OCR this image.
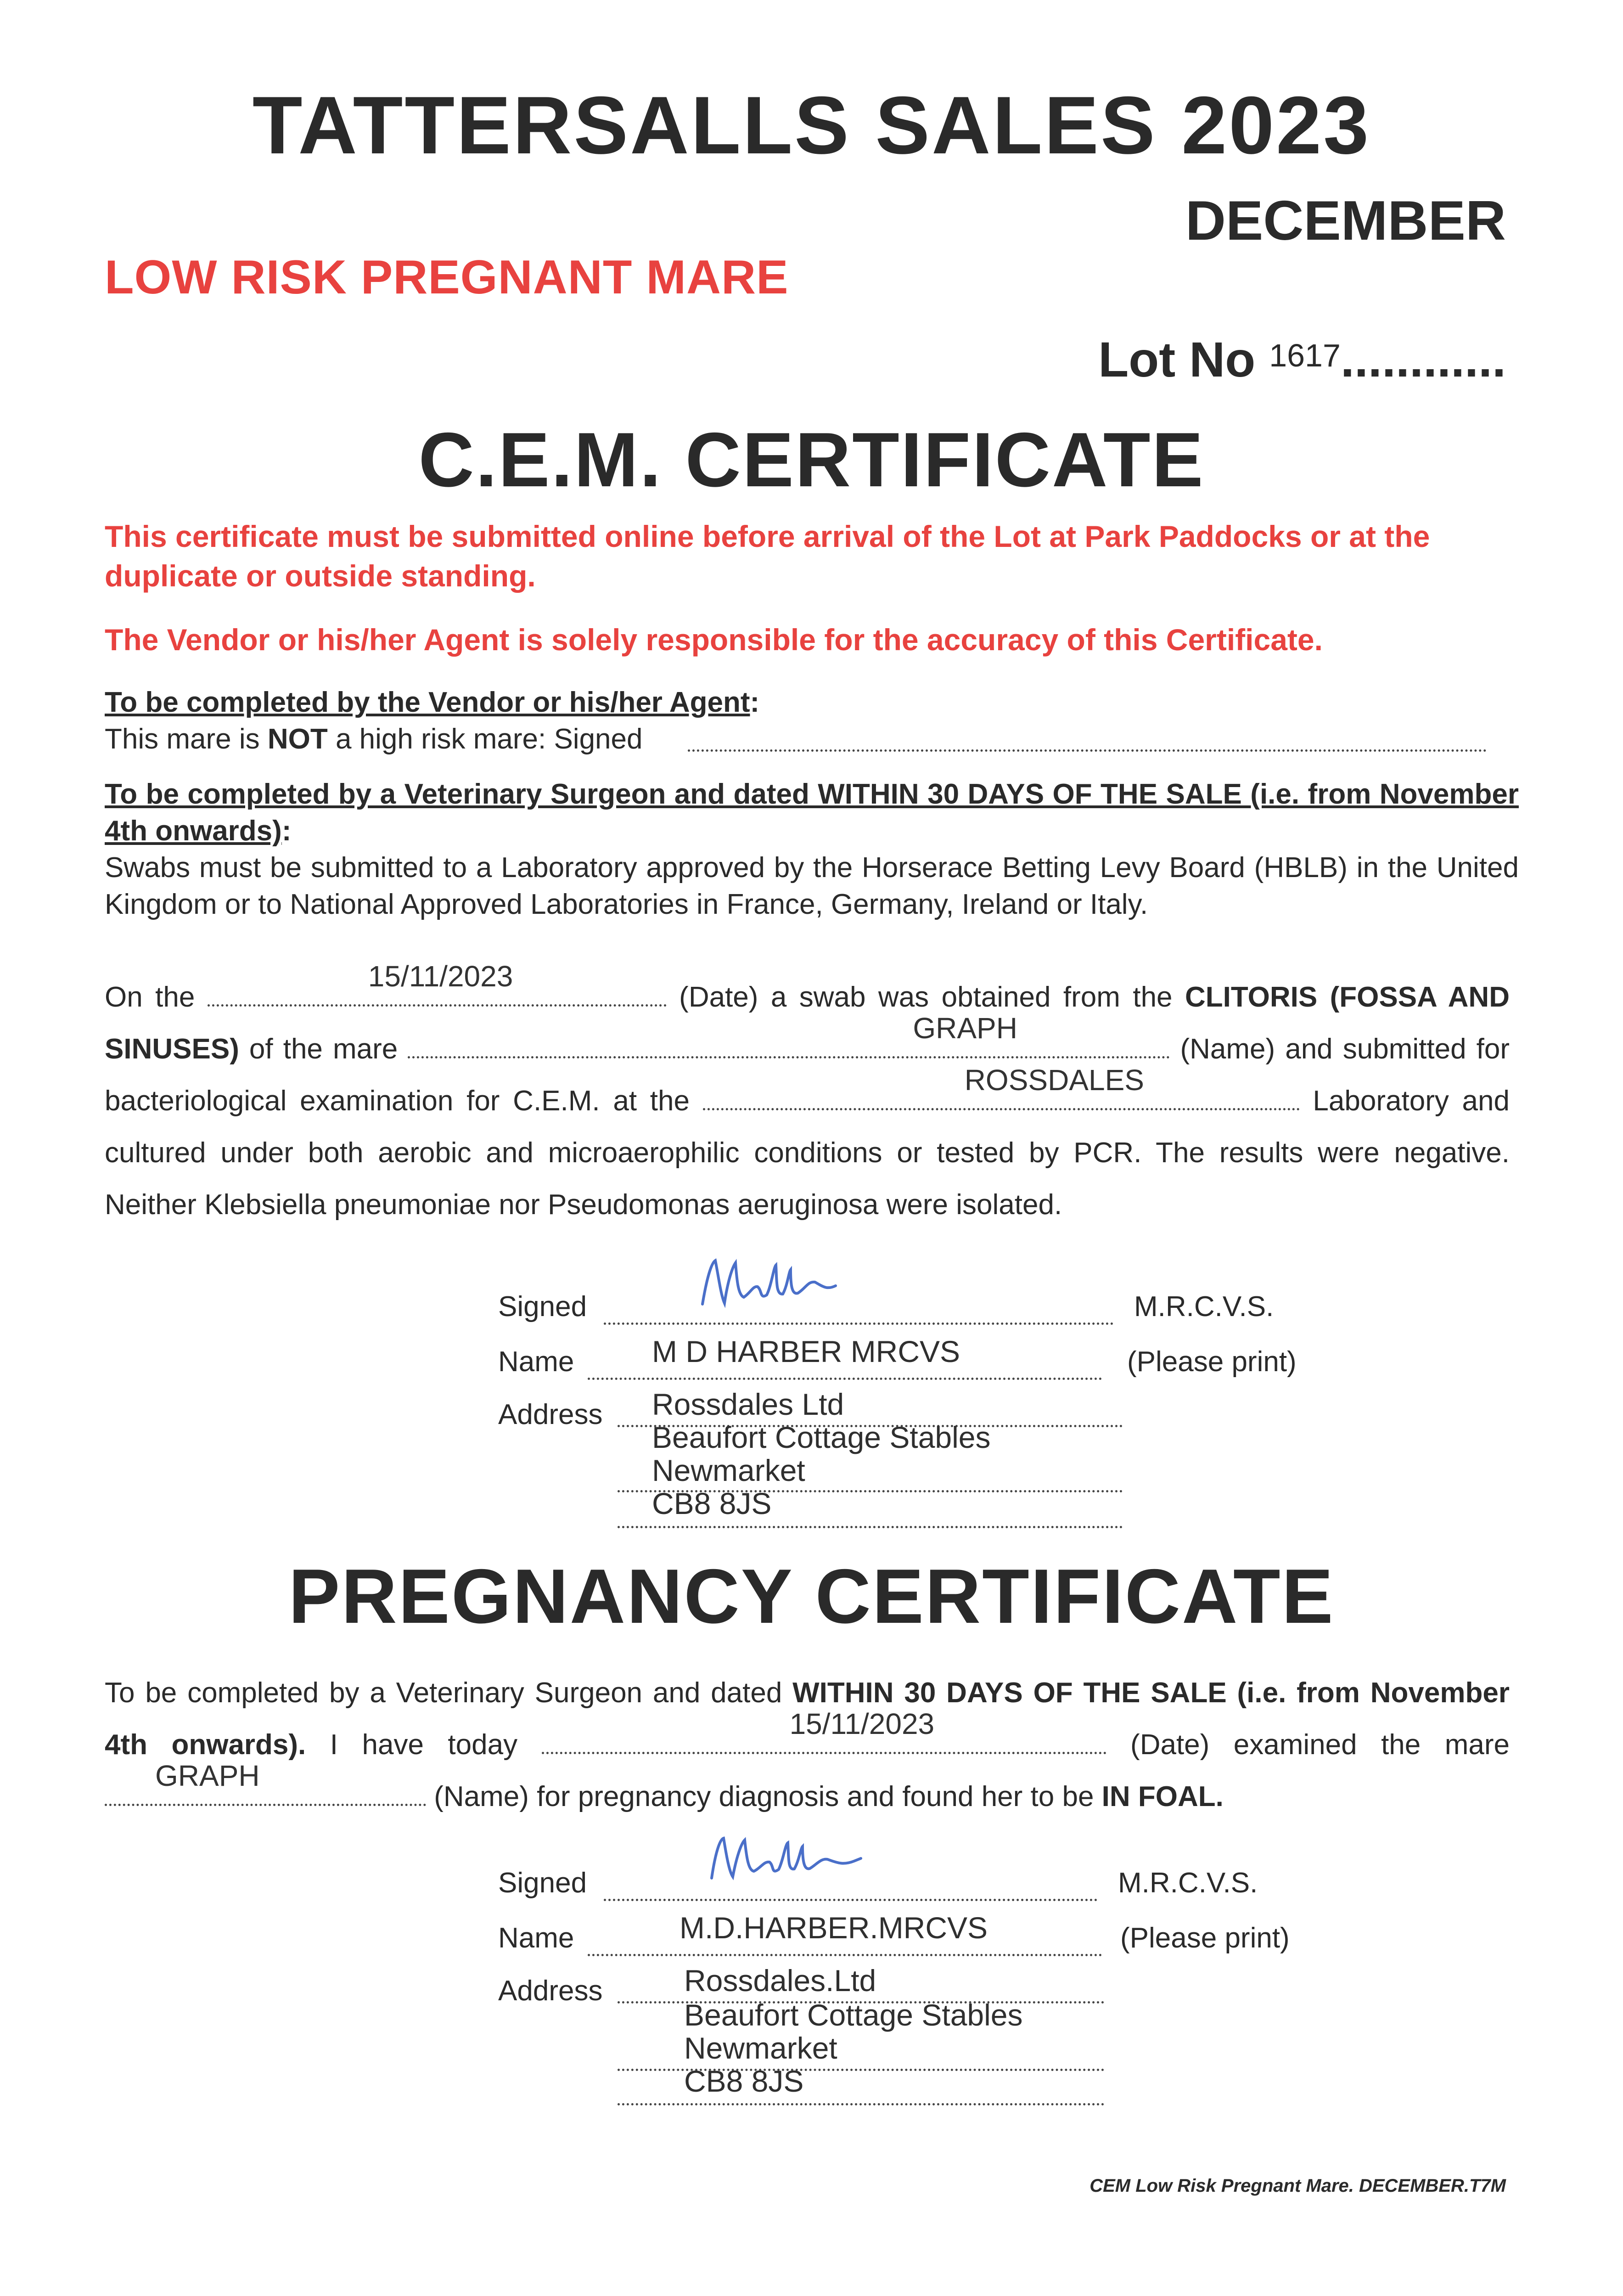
TATTERSALLS SALES 2023
DECEMBER
LOW RISK PREGNANT MARE
Lot No $^{1617}$............
C.E.M. CERTIFICATE
This certificate must be submitted online before arrival of the Lot at Park Paddocks or at the duplicate or outside standing.
The Vendor or his/her Agent is solely responsible for the accuracy of this Certificate.
To be completed by the Vendor or his/her Agent:
This mare is NOT a high risk mare: Signed
To be completed by a Veterinary Surgeon and dated WITHIN 30 DAYS OF THE SALE (i.e. from November 4th onwards):
Swabs must be submitted to a Laboratory approved by the Horserace Betting Levy Board (HBLB) in the United Kingdom or to National Approved Laboratories in France, Germany, Ireland or Italy.
On the
15/11/2023
(Date) a swab was obtained from the CLITORIS (FOSSA AND SINUSES) of the mare
GRAPH
(Name) and submitted for bacteriological examination for C.E.M. at the
ROSSDALES
Laboratory and cultured under both aerobic and microaerophilic conditions or tested by PCR. The results were negative. Neither Klebsiella pneumoniae nor Pseudomonas aeruginosa were isolated.
Signed	M.R.C.V.S.
Name	M D HARBER MRCVS	(Please print)
Address Rossdales Ltd
Beaufort Cottage Stables
Newmarket
CB8 8JS
PREGNANCY CERTIFICATE
To be completed by a Veterinary Surgeon and dated WITHIN 30 DAYS OF THE SALE (i.e. from November 4th onwards). I have today
15/11/2023
(Date) examined the mare
GRAPH
(Name) for pregnancy diagnosis and found her to be IN FOAL.
Signed	M.R.C.V.S.
Name	M.D.HARBER.MRCVS	(Please print)
Address	Rossdales.Ltd
Beaufort Cottage Stables
Newmarket
CB8 8JS
CEM Low Risk Pregnant Mare. DECEMBER.T7M
